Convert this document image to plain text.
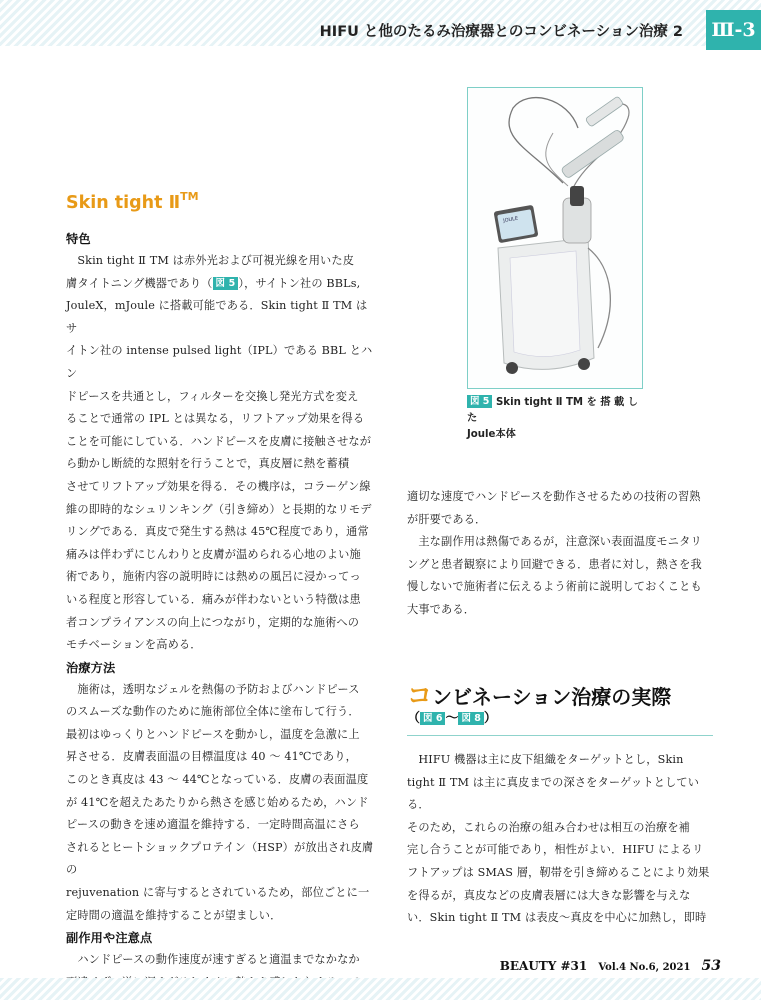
HIFU と他のたるみ治療器とのコンビネーション治療 2 Ⅲ-3
Skin tight Ⅱ™

特色

　Skin tight Ⅱ TM は赤外光および可視光線を用いた皮

膚タイトニング機器であり（ 図 5 ），サイトン社の BBLs,

JouleX，mJoule に搭載可能である．Skin tight Ⅱ TM はサ

イトン社の intense pulsed light（IPL）である BBL とハン

ドピースを共通とし，フィルターを交換し発光方式を変え

ることで通常の IPL とは異なる，リフトアップ効果を得る

ことを可能にしている．ハンドピースを皮膚に接触させなが

ら動かし断続的な照射を行うことで，真皮層に熱を蓄積

させてリフトアップ効果を得る．その機序は，コラーゲン線

維の即時的なシュリンキング（引き締め）と長期的なリモデ

リングである．真皮で発生する熱は 45℃程度であり，通常

痛みは伴わずにじんわりと皮膚が温められる心地のよい施

術であり，施術内容の説明時には熱めの風呂に浸かってっ

いる程度と形容している．痛みが伴わないという特徴は患

者コンプライアンスの向上につながり，定期的な施術への

モチベーションを高める．

治療方法

　施術は，透明なジェルを熱傷の予防およびハンドピース

のスムーズな動作のために施術部位全体に塗布して行う．

最初はゆっくりとハンドピースを動かし，温度を急激に上

昇させる．皮膚表面温の目標温度は 40 ～ 41℃であり，

このとき真皮は 43 ～ 44℃となっている．皮膚の表面温度

が 41℃を超えたあたりから熱さを感じ始めるため，ハンド

ピースの動きを速め適温を維持する．一定時間高温にさら

されるとヒートショックプロテイン（HSP）が放出され皮膚の

rejuvenation に寄与するとされているため，部位ごとに一

定時間の適温を維持することが望ましい．

副作用や注意点

　ハンドピースの動作速度が速すぎると適温までなかなか

JOULE
図 5 Skin tight Ⅱ TM を 搭 載 し た
Joule本体

適切な速度でハンドピースを動作させるための技術の習熟

が肝要である．

　主な副作用は熱傷であるが，注意深い表面温度モニタリ

ングと患者観察により回避できる．患者に対し，熱さを我

慢しないで施術者に伝えるよう術前に説明しておくことも

大事である．

コンビネーション治療の実際
（ 図 6 ～ 図 8 ）

　HIFU 機器は主に皮下組織をターゲットとし，Skin

tight Ⅱ TM は主に真皮までの深さをターゲットとしている．

そのため，これらの治療の組み合わせは相互の治療を補

完し合うことが可能であり，相性がよい．HIFU によるリ

フトアップは SMAS 層，靭帯を引き締めることにより効果

を得るが，真皮などの皮膚表層には大きな影響を与えな

い．Skin tight Ⅱ TM は表皮～真皮を中心に加熱し，即時

BEAUTY #31 Vol.4 No.6, 2021 53
